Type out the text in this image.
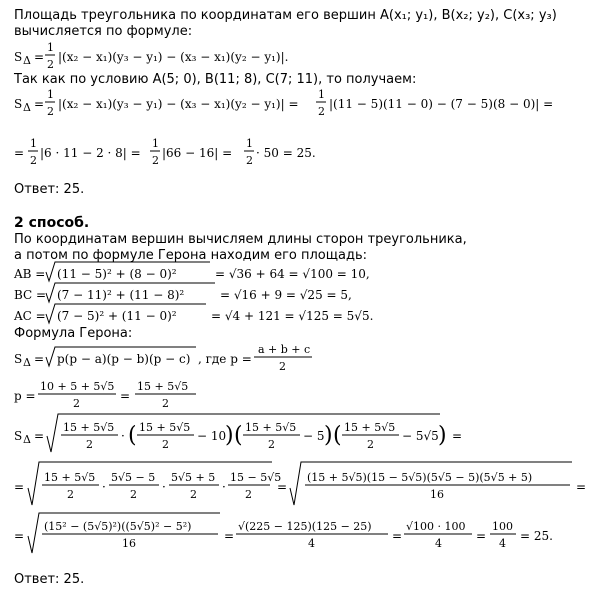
Площадь треугольника по координатам его вершин A(x₁; y₁), B(x₂; y₂), C(x₃; y₃)
вычисляется по формуле:
S Δ =
1
2
|(x₂ − x₁)(y₃ − y₁) − (x₃ − x₁)(y₂ − y₁)|.
S Δ =
1
2
|(x₂ − x₁)(y₃ − y₁) − (x₃ − x₁)(y₂ − y₁)| =
1
2
|(11 − 5)(11 − 0) − (7 − 5)(8 − 0)| =
=
1
2
|6 · 11 − 2 · 8| =
1
2
|66 − 16| =
1
2
· 50 = 25.
AB = (11 − 5)² + (8 − 0)²	= √36 + 64 = √100 = 10,
BC = (7 − 11)² + (11 − 8)²	= √16 + 9 = √25 = 5,
AC = (7 − 5)² + (11 − 0)²	= √4 + 121 = √125 = 5√5.
S Δ = p(p − a)(p − b)(p − c) , где p =
a + b + c
2
p =
10 + 5 + 5√5
2
=
15 + 5√5
2
S Δ =
15 + 5√5
2
· ( 15 + 5√5
2
− 10
) ( 15 + 5√5
2
− 5 ) ( 15 + 5√5
2
− 5√5 ) =
=
15 + 5√5
2
·
5√5 − 5
2
·
5√5 + 5
2
·
15 − 5√5
2
=
(15 + 5√5)(15 − 5√5)(5√5 − 5)(5√5 + 5)
16
=
=
(15² − (5√5)²)((5√5)² − 5²)
16
=
√(225 − 125)(125 − 25)
4
=
√100 · 100
4
=
100
4
= 25.
Так как по условию A(5; 0), B(11; 8), C(7; 11), то получаем:
Ответ: 25.
2 способ.
По координатам вершин вычисляем длины сторон треугольника,
а потом по формуле Герона находим его площадь:
Формула Герона:
Ответ: 25.
